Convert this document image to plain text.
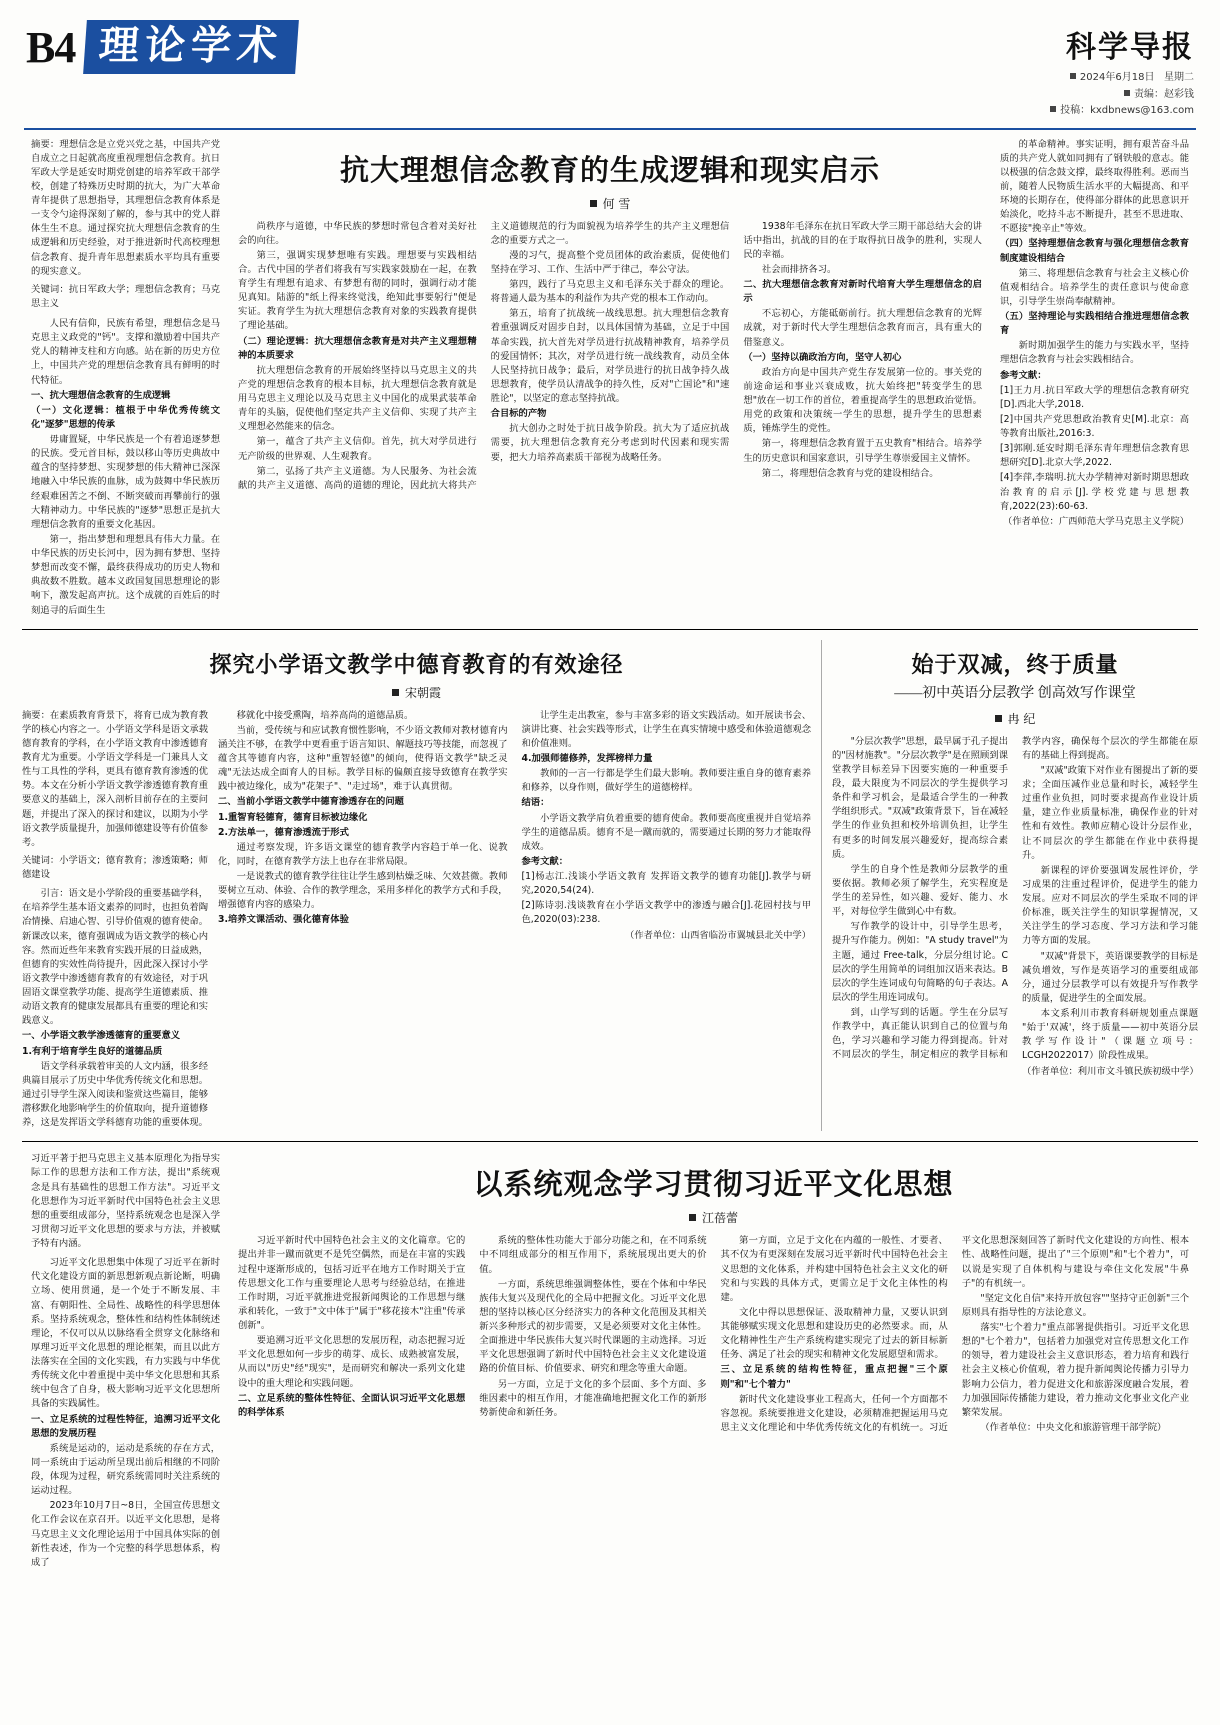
B4 理论学术	科学导报
2024年6月18日 星期二
责编：赵彩钱
投稿：kxdbnews@163.com
摘要：理想信念是立党兴党之基，中国共产党自成立之日起就高度重视理想信念教育。抗日军政大学是延安时期党创建的培养军政干部学校，创建了特殊历史时期的抗大，为广大革命青年提供了思想指导，其理想信念教育体系是一支令勺途得深刻了解的，参与其中的党人群体生生不息。通过探究抗大理想信念教育的生成逻辑和历史经验，对于推进新时代高校理想信念教育、提升青年思想素质水平均具有重要的现实意义。
关键词：抗日军政大学；理想信念教育；马克思主义

人民有信仰，民族有希望，理想信念是马克思主义政党的"钙"。支撑和激励着中国共产党人的精神支柱和方向感。站在新的历史方位上，中国共产党的理想信念教育具有鲜明的时代特征。

一、抗大理想信念教育的生成逻辑

（一）文化逻辑：植根于中华优秀传统文化"逐梦"思想的传承

毋庸置疑，中华民族是一个有着追逐梦想的民族。受元首目标，鼓以移山等历史典故中蕴含的坚持梦想、实现梦想的伟大精神已深深地融入中华民族的血脉，成为鼓舞中华民族历经艰难困苦之不倒、不断突破而再攀前行的强大精神动力。中华民族的"逐梦"思想正是抗大理想信念教育的重要文化基因。

第一，指出梦想和理想具有伟大力量。在中华民族的历史长河中，因为拥有梦想、坚持梦想而改变不懈，最终获得成功的历史人物和典故数不胜数。越本义政国复国思想理论的影响下，激发起高声抗。这个成就的百姓后的时刻追寻的后面生生

抗大理想信念教育的生成逻辑和现实启示
何 雪

尚秩序与道德，中华民族的梦想时常包含着对美好社会的向往。

第三，强调实现梦想唯有实践。理想要与实践相结合。古代中国的学者们将我有写实践家鼓励在一起，在教育学生有理想有追求、有梦想有彻的同时，强调行动才能见真知。陆游的"纸上得来终觉浅，绝知此事要躬行"便是实证。教育学生为抗大理想信念教育对象的实践教育提供了理论基础。

（二）理论逻辑：抗大理想信念教育是对共产主义理想精神的本质要求

抗大理想信念教育的开展始终坚持以马克思主义的共产党的理想信念教育的根本目标，抗大理想信念教育就是用马克思主义理论以及马克思主义中国化的成果武装革命青年的头脑，促使他们坚定共产主义信仰、实现了共产主义理想必然能来的信念。

第一，蕴含了共产主义信仰。首先，抗大对学员进行无产阶级的世界观、人生观教育。

第二，弘扬了共产主义道德。为人民服务、为社会流献的共产主义道德、高尚的道德的理论，因此抗大将共产主义道德规范的行为面貌视为培养学生的共产主义理想信念的重要方式之一。

漫的习气，提高整个党员团体的政治素质，促使他们坚持在学习、工作、生活中严于律己，奉公守法。

第四，践行了马克思主义和毛泽东关于群众的理论。将普通人最为基本的利益作为共产党的根本工作动向。

第五，培育了抗战统一战线思想。抗大理想信念教育着重强调反对固步自封，以具体国情为基础，立足于中国革命实践，抗大首先对学员进行抗战精神教育，培养学员的爱国情怀；其次，对学员进行统一战线教育，动员全体人民坚持抗日战争；最后，对学员进行的抗日战争持久战思想教育，使学员认清战争的持久性，反对"亡国论"和"速胜论"，以坚定的意志坚持抗战。

合目标的产物

抗大创办之时处于抗日战争阶段。抗大为了适应抗战需要，抗大理想信念教育充分考虑到时代因素和现实需要，把大力培养高素质干部视为战略任务。

1938年毛泽东在抗日军政大学三期干部总结大会的讲话中指出，抗战的目的在于取得抗日战争的胜利，实现人民的幸福。

社会而排挤各习。

二、抗大理想信念教育对新时代培育大学生理想信念的启示

不忘初心，方能砥砺前行。抗大理想信念教育的光辉成就，对于新时代大学生理想信念教育而言，具有重大的借鉴意义。

（一）坚持以确政治方向，坚守人初心

政治方向是中国共产党生存发展第一位的。事关党的前途命运和事业兴衰成败，抗大始终把"转变学生的思想"放在一切工作的首位，着重提高学生的思想政治觉悟。用党的政策和决策统一学生的思想，提升学生的思想素质，锤炼学生的党性。

第一，将理想信念教育置于五史教育"相结合。培养学生的历史意识和国家意识，引导学生尊崇爱国主义情怀。

第二，将理想信念教育与党的建设相结合。

的革命精神。事实证明，拥有艰苦奋斗品质的共产党人就如同拥有了钢铁般的意志。能以极强的信念鼓文撑，最终取得胜利。恶而当前，随着人民物质生活水平的大幅提高、和平环境的长期存在，使得部分群体的此思意识开始淡化，吃持斗志不断提升，甚至不思进取、不愿接"挽辛止"等效。

（四）坚持理想信念教育与强化理想信念教育制度建设相结合

第三、将理想信念教育与社会主义核心价值观相结合。培养学生的责任意识与使命意识，引导学生崇尚奉献精神。

（五）坚持理论与实践相结合推进理想信念教育

新时期加强学生的能力与实践水平，坚持理想信念教育与社会实践相结合。

参考文献：

[1]王力月.抗日军政大学的理想信念教育研究[D].西北大学,2018.

[2]中国共产党思想政治教育史[M].北京：高等教育出版社,2016:3.

[3]郭刚.延安时期毛泽东青年理想信念教育思想研究[D].北京大学,2022.

[4]李萍,李瑞明.抗大办学精神对新时期思想政治教育的启示[J].学校党建与思想教育,2022(23):60-63.

（作者单位：广西师范大学马克思主义学院）

探究小学语文教学中德育教育的有效途径
宋朝霞
摘要：在素质教育背景下，将育已成为教育教学的核心内容之一。小学语文学科是语文承载德育教育的学科，在小学语文教育中渗透德育教育尤为重要。小学语文学科是一门兼具人文性与工具性的学科，更具有德育教育渗透的优势。本文在分析小学语文教学渗透德育教育重要意义的基础上，深入剖析目前存在的主要问题，并提出了深入的探讨和建议，以期为小学语文教学质量提升，加强师德建设等有价值参考。
关键词：小学语文；德育教育；渗透策略；师德建设

引言：语文是小学阶段的重要基础学科，在培养学生基本语文素养的同时，也担负着陶冶情操、启迪心智、引导价值观的德育使命。新课改以来，德育强调成为语文教学的核心内容。然而近些年来教育实践开展的日益成熟，但德育的实效性尚待提升，因此深入探讨小学语文教学中渗透德育教育的有效途径，对于巩固语文课堂教学功能、提高学生道德素质、推动语文教育的健康发展都具有重要的理论和实践意义。

一、小学语文教学渗透德育的重要意义

1.有利于培育学生良好的道德品质

语文学科承载着审美的人文内涵，很多经典篇目展示了历史中华优秀传统文化和思想。通过引导学生深入阅读和鉴赏这些篇目，能够潜移默化地影响学生的价值取向，提升道德修养，这是发挥语文学科德育功能的重要体现。

移就化中接受熏陶，培养高尚的道德品质。

当前，受传统与和应试教育惯性影响，不少语文教师对教材德育内涵关注不够，在教学中更看重于语言知识、解题技巧等技能，而忽视了蕴含其等德育内容，这种"重智轻德"的倾向，使得语文教学"缺乏灵魂"无法达成全面育人的目标。教学目标的偏颇直接导致德育在教学实践中被边缘化，成为"花架子"、"走过场"，难于认真贯彻。

二、当前小学语文教学中德育渗透存在的问题

1.重智育轻德育，德育目标被边缘化

2.方法单一，德育渗透流于形式

通过考察发现，许多语文课堂的德育教学内容趋于单一化、说教化，同时，在德育教学方法上也存在非常局限。

一是说教式的德育教学往往让学生感到枯燥乏味、欠效甚微。教师要树立互动、体验、合作的教学理念，采用多样化的教学方式和手段，增强德育内容的感染力。

3.培养文课活动、强化德育体验

让学生走出教室，参与丰富多彩的语文实践活动。如开展读书会、演讲比赛、社会实践等形式，让学生在真实情境中感受和体验道德观念和价值准则。

4.加强师德修养，发挥榜样力量

教师的一言一行都是学生们最大影响。教师要注重自身的德育素养和修养，以身作则，做好学生的道德榜样。

结语：

小学语文教学肩负着重要的德育使命。教师要高度重视并自觉培养学生的道德品质。德育不是一蹴而就的，需要通过长期的努力才能取得成效。

参考文献：

[1]杨志江.浅谈小学语文教育 发挥语文教学的德育功能[J].教学与研究,2020,54(24).

[2]陈诗羽.浅谈教育在小学语文教学中的渗透与融合[J].花园村技与甲色,2020(03):238.

（作者单位：山西省临汾市翼城县北关中学）

始于双减，终于质量
——初中英语分层教学 创高效写作课堂
冉 纪

"分层次教学"思想，最早属于孔子提出的"因材施教"。"分层次教学"是在照顾到课堂教学目标差异下因要实施的一种重要手段，最大限度为不同层次的学生提供学习条件和学习机会，是最适合学生的一种教学组织形式。"双减"政策背景下，旨在减轻学生的作业负担和校外培训负担，让学生有更多的时间发展兴趣爱好，提高综合素质。

学生的自身个性是教师分层教学的重要依据。教师必须了解学生，充实程度是学生的差异性，如兴趣、爱好、能力、水平，对每位学生做到心中有数。

写作教学的设计中，引导学生思考，提升写作能力。例如："A study travel"为主题，通过 Free-talk，分层分组讨论。C层次的学生用简单的词组加汉语来表达。B层次的学生连词成句句简略的句子表达。A层次的学生用连词成句。

到，山学写到的话题。学生在分层写作教学中，真正能认识到自己的位置与角色，学习兴趣和学习能力得到提高。针对不同层次的学生，制定相应的教学目标和教学内容，确保每个层次的学生都能在原有的基础上得到提高。

"双减"政策下对作业有图提出了新的要求；全面压减作业总量和时长，减轻学生过重作业负担，同时要求提高作业设计质量，建立作业质量标准，确保作业的针对性和有效性。教师应精心设计分层作业，让不同层次的学生都能在作业中获得提升。

新课程的评价要强调发展性评价，学习成果的注重过程评价，促进学生的能力发展。应对不同层次的学生采取不同的评价标准，既关注学生的知识掌握情况，又关注学生的学习态度、学习方法和学习能力等方面的发展。

"双减"背景下，英语课要教学的目标是减负增效，写作是英语学习的重要组成部分，通过分层教学可以有效提升写作教学的质量，促进学生的全面发展。

本文系利川市教育科研规划重点课题 "始于'双减'，终于质量——初中英语分层教学写作设计"（课题立项号：LCGH2022017）阶段性成果。

（作者单位：利川市文斗镇民族初级中学）

习近平著于把马克思主义基本原理化为指导实际工作的思想方法和工作方法，提出"系统观念是具有基础性的思想工作方法"。习近平文化思想作为习近平新时代中国特色社会主义思想的重要组成部分，坚持系统观念也是深入学习贯彻习近平文化思想的要求与方法，并被赋予特有内涵。

习近平文化思想集中体现了习近平在新时代文化建设方面的新思想新观点新论断，明确立场、使用贯通，是一个处于不断发展、丰富、有朝阳性、全局性、战略性的科学思想体系。坚持系统观念，整体性和结构性体制统述理论，不仅可以从以脉络看全贯穿文化脉络和厚理习近平文化思想的理论框架，而且以此方法落实在全国的文化实践，有力实践与中华优秀传统文化中着重提中美中华文化思想和其系统中包含了自身，极大影响习近平文化思想所具备的实践属性。

一、立足系统的过程性特征，追溯习近平文化思想的发展历程

系统是运动的，运动是系统的存在方式，同一系统由于运动所呈现出前后相继的不同阶段，体现为过程，研究系统需同时关注系统的运动过程。

2023年10月7日~8日，全国宣传思想文化工作会议在京召开。以近平文化思想，是将马克思主义文化理论运用于中国具体实际的创新性表述，作为一个完整的科学思想体系，构成了

以系统观念学习贯彻习近平文化思想
江蓓蕾

习近平新时代中国特色社会主义的文化篇章。它的提出并非一蹴而就更不是凭空偶然，而是在丰富的实践过程中逐渐形成的，包括习近平在地方工作时期关于宣传思想文化工作与重要理论人思考与经验总结，在推进工作时期，习近平就推进党报新闻舆论的工作思想与继承和转化，一致于"文中体于"属于"移花接木"注重"传承创新"。

要追溯习近平文化思想的发展历程，动态把握习近平文化思想如何一步步的萌芽、成长、成熟被富发展，从而以"历史"经"现实"，是而研究和解决一系列文化建设中的重大理论和实践问题。

二、立足系统的整体性特征、全面认识习近平文化思想的科学体系

系统的整体性功能大于部分功能之和，在不同系统中不同组成部分的相互作用下，系统展现出更大的价值。

一方面，系统思维强调整体性，要在个体和中华民族伟大复兴及现代化的全局中把握文化。习近平文化思想的坚持以核心区分经济实力的各种文化范围及其相关新兴多种形式的初步需要，又是必须要对文化主体性。全面推进中华民族伟大复兴时代课题的主动选择。习近平文化思想强调了新时代中国特色社会主义文化建设道路的价值目标、价值要求、研究和理念等重大命题。

另一方面，立足于文化的多个层面、多个方面、多维因素中的相互作用，才能准确地把握文化工作的新形势新使命和新任务。

第一方面，立足于文化在内蕴的一般性、才要者、其不仅为有更深刻在发展习近平新时代中国特色社会主义思想的文化体系，并构建中国特色社会主义文化的研究和与实践的具体方式，更需立足于文化主体性的构建。

文化中得以思想保证、汲取精神力量，又要认识到其能够赋实现文化思想和建设历史的必然要求。而，从文化精神性生产生产系统构建实现完了过去的新目标新任务、满足了社会的现实和精神文化发展愿望和需求。

三、立足系统的结构性特征，重点把握"三个原则"和"七个着力"

新时代文化建设事业工程高大，任何一个方面都不容忽视。系统要推进文化建设，必须精准把握运用马克思主义文化理论和中华优秀传统文化的有机统一。习近平文化思想深刻回答了新时代文化建设的方向性、根本性、战略性问题，提出了"三个原则"和"七个着力"，可以说是实现了自体机构与建设与牵住文化发展"牛鼻子"的有机统一。

"坚定文化自信"来持开放包容""坚持守正创新"三个原则具有指导性的方法论意义。

落实"七个着力"重点部署提供指引。习近平文化思想的"七个着力"，包括着力加强党对宣传思想文化工作的领导，着力建设社会主义意识形态，着力培育和践行社会主义核心价值观，着力提升新闻舆论传播力引导力影响力公信力，着力促进文化和旅游深度融合发展，着力加强国际传播能力建设，着力推动文化事业文化产业繁荣发展。

（作者单位：中央文化和旅游管理干部学院）
